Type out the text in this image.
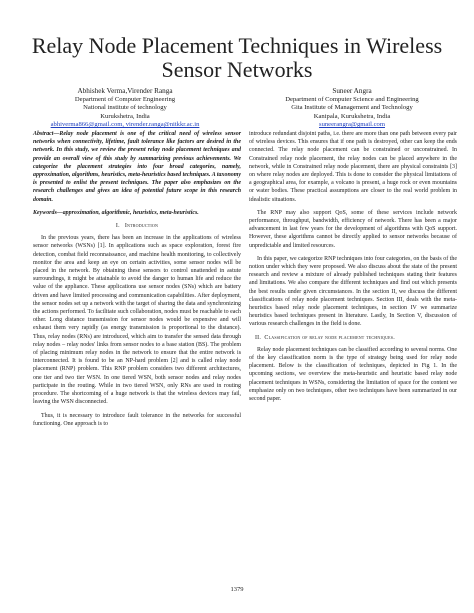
Relay Node Placement Techniques in Wireless
Sensor Networks
Abhishek Verma,Virender Ranga
Department of Computer Engineering
National institute of technology
Kurukshetra, India
abhiverma866@gmail.com, virender.ranga@nitkkr.ac.in
Suneer Angra
Department of Computer Science and Engineering
Gita Institute of Management and Technology
Kanipala, Kurukshetra, India
suneerangra@gmail.com

Abstract—Relay node placement is one of the critical need of wireless sensor networks when connectivity, lifetime, fault tolerance like factors are desired in the network. In this study, we review the present relay node placement techniques and provide an overall view of this study by summarizing previous achievements. We categorize the placement strategies into four broad categories, namely, approximation, algorithms, heuristics, meta-heuristics based techniques. A taxonomy is presented to enlist the present techniques. The paper also emphasizes on the research challenges and gives an idea of potential future scope in this research domain.

Keywords—approximation, algorithmic, heuristics, meta-heuristics.

I. Introduction

In the previous years, there has been an increase in the applications of wireless sensor networks (WSNs) [1]. In applications such as space exploration, forest fire detection, combat field reconnaissance, and machine health monitoring, to collectively monitor the area and keep an eye on certain activities, some sensor nodes will be placed in the network. By obtaining these sensors to control unattended in astute surroundings, it might be attainable to avoid the danger to human life and reduce the value of the appliance. These applications use sensor nodes (SNs) which are battery driven and have limited processing and communication capabilities. After deployment, the sensor nodes set up a network with the target of sharing the data and synchronizing the actions performed. To facilitate such collaboration, nodes must be reachable to each other. Long distance transmission for sensor nodes would be expensive and will exhaust them very rapidly (as energy transmission is proportional to the distance). Thus, relay nodes (RNs) are introduced, which aim to transfer the sensed data through relay nodes – relay nodes' links from sensor nodes to a base station (BS). The problem of placing minimum relay nodes in the network to ensure that the entire network is interconnected. It is found to be an NP-hard problem [2] and is called relay node placement (RNP) problem. This RNP problem considers two different architectures, one tier and two tier WSN. In one tiered WSN, both sensor nodes and relay nodes participate in the routing. While in two tiered WSN, only RNs are used in routing procedure. The shortcoming of a huge network is that the wireless devices may fail, leaving the WSN disconnected.

Thus, it is necessary to introduce fault tolerance in the networks for successful functioning. One approach is to

introduce redundant disjoint paths, i.e. there are more than one path between every pair of wireless devices. This ensures that if one path is destroyed, other can keep the ends connected. The relay node placement can be constrained or unconstrained. In Constrained relay node placement, the relay nodes can be placed anywhere in the network, while in Constrained relay node placement, there are physical constraints [3] on where relay nodes are deployed. This is done to consider the physical limitations of a geographical area, for example, a volcano is present, a huge rock or even mountains or water bodies. These practical assumptions are closer to the real world problem in idealistic situations.

The RNP may also support QoS, some of these services include network performance, throughput, bandwidth, efficiency of network. There has been a major advancement in last few years for the development of algorithms with QoS support. However, these algorithms cannot be directly applied to sensor networks because of unpredictable and limited resources.

In this paper, we categorize RNP techniques into four categories, on the basis of the notion under which they were proposed. We also discuss about the state of the present research and review a mixture of already published techniques stating their features and limitations. We also compare the different techniques and find out which presents the best results under given circumstances. In the section II, we discuss the different classifications of relay node placement techniques. Section III, deals with the meta-heuristics based relay node placement techniques, in section IV we summarize heuristics based techniques present in literature. Lastly, In Section V, discussion of various research challenges in the field is done.

II. Classification of relay node placement techniques.

Relay node placement techniques can be classified according to several norms. One of the key classification norm is the type of strategy being used for relay node placement. Below is the classification of techniques, depicted in Fig 1. In the upcoming sections, we overview the meta-heuristic and heuristic based relay node placement techniques in WSNs, considering the limitation of space for the content we emphasize only on two techniques, other two techniques have been summarized in our second paper.

1379
